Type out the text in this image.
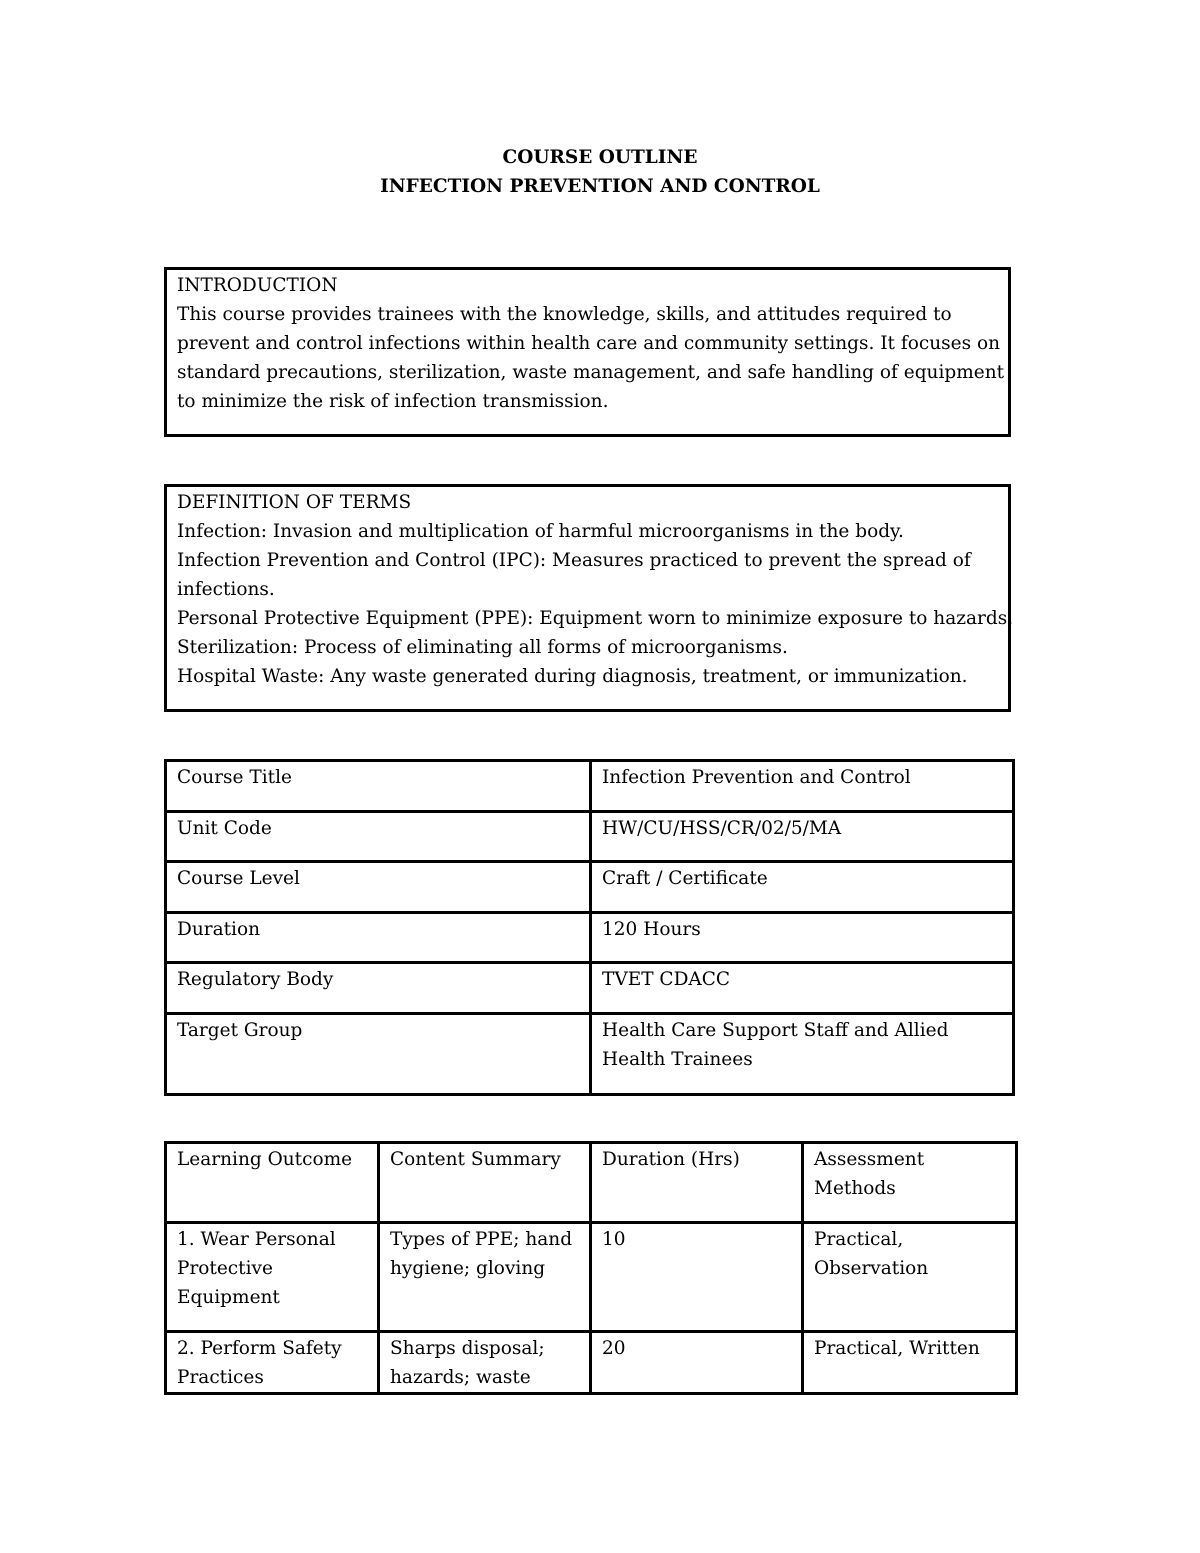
COURSE OUTLINE
INFECTION PREVENTION AND CONTROL
INTRODUCTION
This course provides trainees with the knowledge, skills, and attitudes required to
prevent and control infections within health care and community settings. It focuses on
standard precautions, sterilization, waste management, and safe handling of equipment
to minimize the risk of infection transmission.
DEFINITION OF TERMS
Infection: Invasion and multiplication of harmful microorganisms in the body.
Infection Prevention and Control (IPC): Measures practiced to prevent the spread of
infections.
Personal Protective Equipment (PPE): Equipment worn to minimize exposure to hazards.
Sterilization: Process of eliminating all forms of microorganisms.
Hospital Waste: Any waste generated during diagnosis, treatment, or immunization.
Course Title	Infection Prevention and Control
Unit Code	HW/CU/HSS/CR/02/5/MA
Course Level	Craft / Certificate
Duration	120 Hours
Regulatory Body	TVET CDACC
Target Group	Health Care Support Staff and Allied Health Trainees
Learning Outcome	Content Summary	Duration (Hrs)	Assessment Methods
1. Wear Personal Protective Equipment	Types of PPE; hand hygiene; gloving	10	Practical, Observation
2. Perform Safety Practices	Sharps disposal; hazards; waste	20	Practical, Written
